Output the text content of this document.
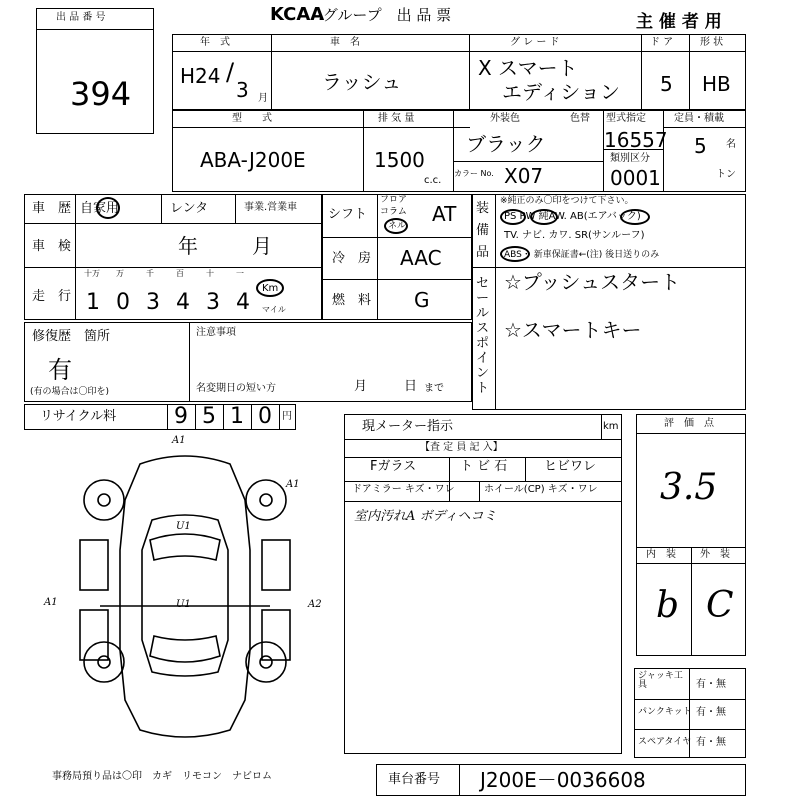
出 品 番 号
394
KCAA
.グループ　出 品 票	主 催 者 用
年　式
H24 /
3 月
車　名
ラッシュ
グ レ ー ド
X スマート
エディション
ド ア
5
形 状
HB
型　　式
ABA-J200E
排 気 量
1500
c.c.
外装色	色替
ブラック
カラー No. X07
型式指定
16557
類別区分
0001
定員・積載
5 名
トン
車　歴 自家用	レンタ	事業.営業車
車　検	年	月
走　行
十万 万	千	百	十	一
1 0 3 4 3 4
Km
マイル
シフト
フロア
コラム
ネル AT
冷　房 AAC
燃　料 G
装備品
※純正のみ〇印をつけて下さい。
PS PW 純AW. AB(エアバック)
TV. ナビ. カワ. SR(サンルーフ)
ABS・ 新車保証書←(注) 後日送りのみ
セールスポイント
☆プッシュスタート
☆スマートキー
修復歴　箇所
有
(有の場合は〇印を)
注意事項
名変期日の短い方	月	日 まで
リサイクル料	9 5 1 0	円
現メーター指示	km
【査 定 員 記 入】
Fガラス	ト ビ 石	ヒビワレ
ドアミラー キズ・ワレ	ホイール(CP) キズ・ワレ
室内汚れA ボディヘコミ
A1
A1
A1	A2
U1
U1
評　価　点
3.5
内　装 外　装
b C
ジャッキ工　具	有・無
パンクキット 有・無
スペアタイヤ 有・無
事務局預り品は〇印　カギ　リモコン　ナビロム	車台番号 J200E－0036608
